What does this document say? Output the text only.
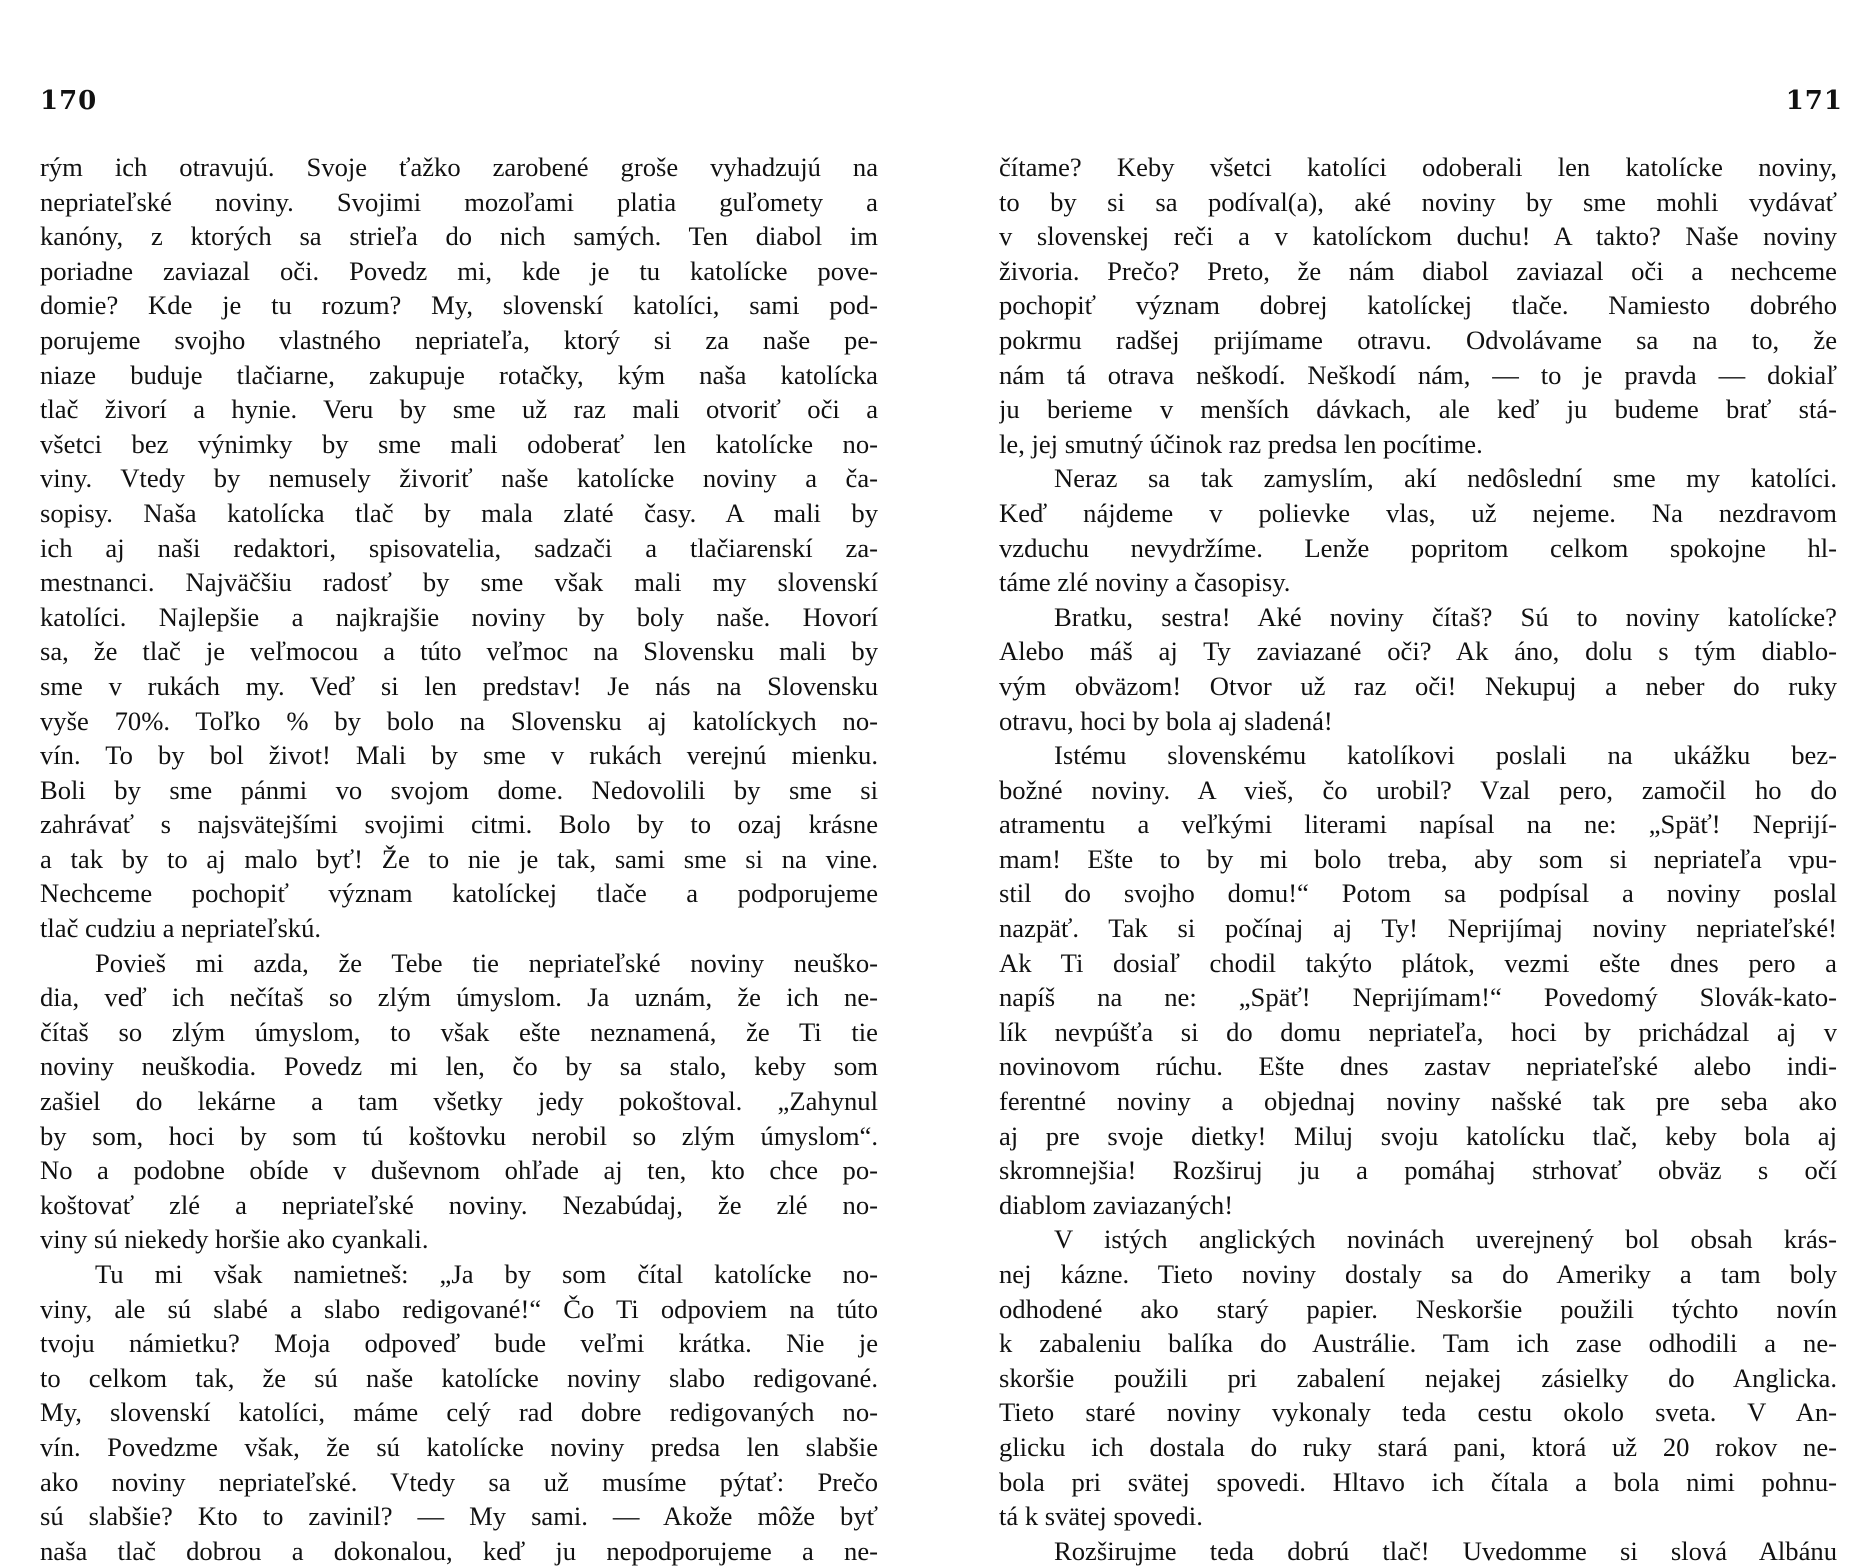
170
rým ich otravujú. Svoje ťažko zarobené groše vyhadzujú na
nepriateľské noviny. Svojimi mozoľami platia guľomety a
kanóny, z ktorých sa strieľa do nich samých. Ten diabol im
poriadne zaviazal oči. Povedz mi, kde je tu katolícke pove-
domie? Kde je tu rozum? My, slovenskí katolíci, sami pod-
porujeme svojho vlastného nepriateľa, ktorý si za naše pe-
niaze buduje tlačiarne, zakupuje rotačky, kým naša katolícka
tlač živorí a hynie. Veru by sme už raz mali otvoriť oči a
všetci bez výnimky by sme mali odoberať len katolícke no-
viny. Vtedy by nemusely živoriť naše katolícke noviny a ča-
sopisy. Naša katolícka tlač by mala zlaté časy. A mali by
ich aj naši redaktori, spisovatelia, sadzači a tlačiarenskí za-
mestnanci. Najväčšiu radosť by sme však mali my slovenskí
katolíci. Najlepšie a najkrajšie noviny by boly naše. Hovorí
sa, že tlač je veľmocou a túto veľmoc na Slovensku mali by
sme v rukách my. Veď si len predstav! Je nás na Slovensku
vyše 70%. Toľko % by bolo na Slovensku aj katolíckych no-
vín. To by bol život! Mali by sme v rukách verejnú mienku.
Boli by sme pánmi vo svojom dome. Nedovolili by sme si
zahrávať s najsvätejšími svojimi citmi. Bolo by to ozaj krásne
a tak by to aj malo byť! Že to nie je tak, sami sme si na vine.
Nechceme pochopiť význam katolíckej tlače a podporujeme
tlač cudziu a nepriateľskú.
Povieš mi azda, že Tebe tie nepriateľské noviny neuško-
dia, veď ich nečítaš so zlým úmyslom. Ja uznám, že ich ne-
čítaš so zlým úmyslom, to však ešte neznamená, že Ti tie
noviny neuškodia. Povedz mi len, čo by sa stalo, keby som
zašiel do lekárne a tam všetky jedy pokoštoval. „Zahynul
by som, hoci by som tú koštovku nerobil so zlým úmyslom“.
No a podobne obíde v duševnom ohľade aj ten, kto chce po-
koštovať zlé a nepriateľské noviny. Nezabúdaj, že zlé no-
viny sú niekedy horšie ako cyankali.
Tu mi však namietneš: „Ja by som čítal katolícke no-
viny, ale sú slabé a slabo redigované!“ Čo Ti odpoviem na túto
tvoju námietku? Moja odpoveď bude veľmi krátka. Nie je
to celkom tak, že sú naše katolícke noviny slabo redigované.
My, slovenskí katolíci, máme celý rad dobre redigovaných no-
vín. Povedzme však, že sú katolícke noviny predsa len slabšie
ako noviny nepriateľské. Vtedy sa už musíme pýtať: Prečo
sú slabšie? Kto to zavinil? — My sami. — Akože môže byť
naša tlač dobrou a dokonalou, keď ju nepodporujeme a ne-
171
čítame? Keby všetci katolíci odoberali len katolícke noviny,
to by si sa podíval(a), aké noviny by sme mohli vydávať
v slovenskej reči a v katolíckom duchu! A takto? Naše noviny
živoria. Prečo? Preto, že nám diabol zaviazal oči a nechceme
pochopiť význam dobrej katolíckej tlače. Namiesto dobrého
pokrmu radšej prijímame otravu. Odvolávame sa na to, že
nám tá otrava neškodí. Neškodí nám, — to je pravda — dokiaľ
ju berieme v menších dávkach, ale keď ju budeme brať stá-
le, jej smutný účinok raz predsa len pocítime.
Neraz sa tak zamyslím, akí nedôslední sme my katolíci.
Keď nájdeme v polievke vlas, už nejeme. Na nezdravom
vzduchu nevydržíme. Lenže popritom celkom spokojne hl-
táme zlé noviny a časopisy.
Bratku, sestra! Aké noviny čítaš? Sú to noviny katolícke?
Alebo máš aj Ty zaviazané oči? Ak áno, dolu s tým diablo-
vým obväzom! Otvor už raz oči! Nekupuj a neber do ruky
otravu, hoci by bola aj sladená!
Istému slovenskému katolíkovi poslali na ukážku bez-
božné noviny. A vieš, čo urobil? Vzal pero, zamočil ho do
atramentu a veľkými literami napísal na ne: „Späť! Neprijí-
mam! Ešte to by mi bolo treba, aby som si nepriateľa vpu-
stil do svojho domu!“ Potom sa podpísal a noviny poslal
nazpäť. Tak si počínaj aj Ty! Neprijímaj noviny nepriateľské!
Ak Ti dosiaľ chodil takýto plátok, vezmi ešte dnes pero a
napíš na ne: „Späť! Neprijímam!“ Povedomý Slovák-kato-
lík nevpúšťa si do domu nepriateľa, hoci by prichádzal aj v
novinovom rúchu. Ešte dnes zastav nepriateľské alebo indi-
ferentné noviny a objednaj noviny našské tak pre seba ako
aj pre svoje dietky! Miluj svoju katolícku tlač, keby bola aj
skromnejšia! Rozširuj ju a pomáhaj strhovať obväz s očí
diablom zaviazaných!
V istých anglických novinách uverejnený bol obsah krás-
nej kázne. Tieto noviny dostaly sa do Ameriky a tam boly
odhodené ako starý papier. Neskoršie použili týchto novín
k zabaleniu balíka do Austrálie. Tam ich zase odhodili a ne-
skoršie použili pri zabalení nejakej zásielky do Anglicka.
Tieto staré noviny vykonaly teda cestu okolo sveta. V An-
glicku ich dostala do ruky stará pani, ktorá už 20 rokov ne-
bola pri svätej spovedi. Hltavo ich čítala a bola nimi pohnu-
tá k svätej spovedi.
Rozširujme teda dobrú tlač! Uvedomme si slová Albánu
